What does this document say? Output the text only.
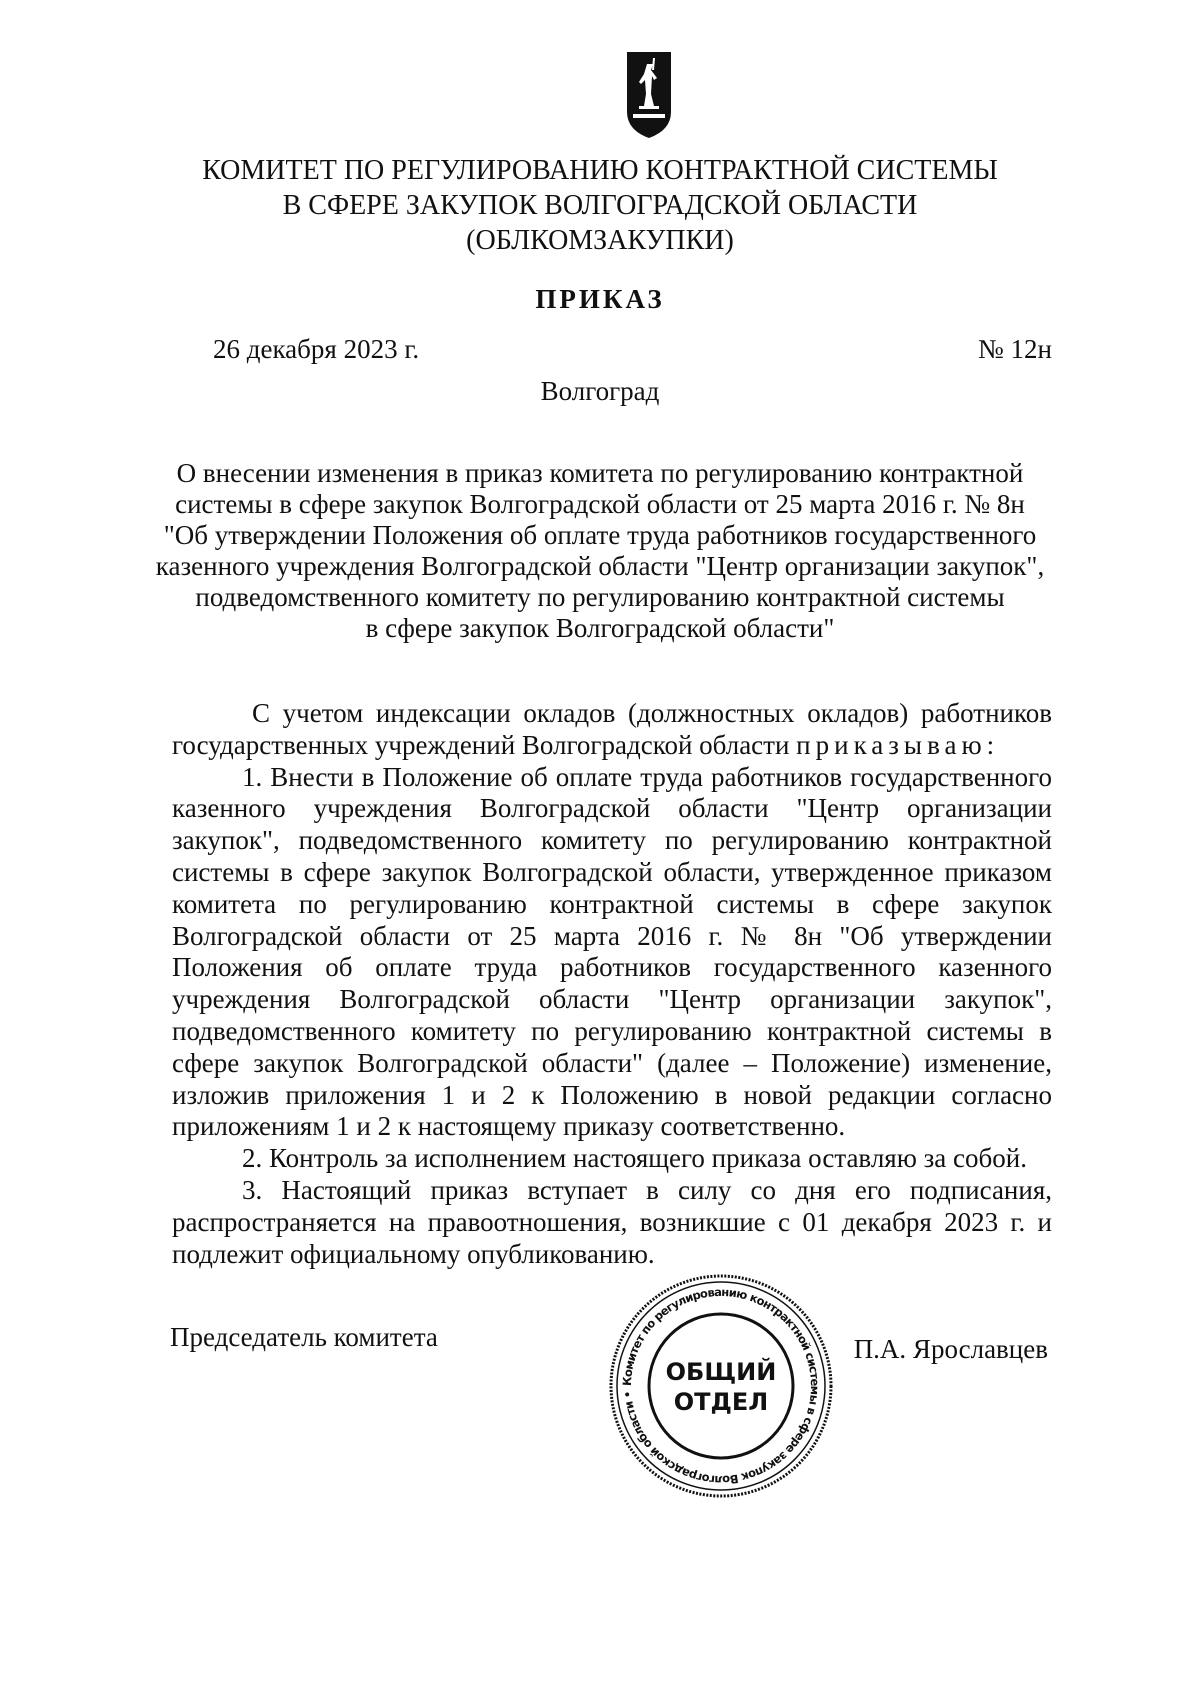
КОМИТЕТ ПО РЕГУЛИРОВАНИЮ КОНТРАКТНОЙ СИСТЕМЫ
В СФЕРЕ ЗАКУПОК ВОЛГОГРАДСКОЙ ОБЛАСТИ
(ОБЛКОМЗАКУПКИ)
ПРИКАЗ
26 декабря 2023 г.	№ 12н
Волгоград
О внесении изменения в приказ комитета по регулированию контрактной
системы в сфере закупок Волгоградской области от 25 марта 2016 г. № 8н
"Об утверждении Положения об оплате труда работников государственного
казенного учреждения Волгоградской области "Центр организации закупок",
подведомственного комитету по регулированию контрактной системы
в сфере закупок Волгоградской области"

С учетом индексации окладов (должностных окладов) работников государственных учреждений Волгоградской области приказываю:

1. Внести в Положение об оплате труда работников государственного казенного учреждения Волгоградской области "Центр организации закупок", подведомственного комитету по регулированию контрактной системы в сфере закупок Волгоградской области, утвержденное приказом комитета по регулированию контрактной системы в сфере закупок Волгоградской области от 25 марта 2016 г. № 8н "Об утверждении Положения об оплате труда работников государственного казенного учреждения Волгоградской области "Центр организации закупок", подведомственного комитету по регулированию контрактной системы в сфере закупок Волгоградской области" (далее – Положение) изменение, изложив приложения 1 и 2 к Положению в новой редакции согласно приложениям 1 и 2 к настоящему приказу соответственно.

2. Контроль за исполнением настоящего приказа оставляю за собой.

3. Настоящий приказ вступает в силу со дня его подписания, распространяется на правоотношения, возникшие с 01 декабря 2023 г. и подлежит официальному опубликованию.

Председатель комитета	П.А. Ярославцев
Комитет по регулированию контрактной системы в сфере закупок Волгоградской области •
ОБЩИЙ
ОТДЕЛ
